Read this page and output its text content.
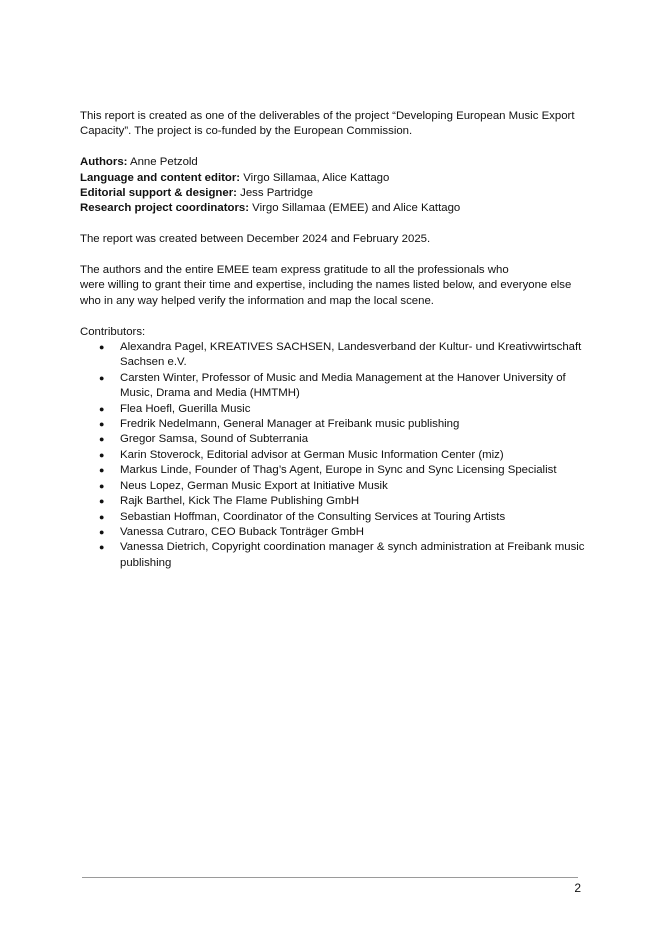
This report is created as one of the deliverables of the project “Developing European Music Export Capacity”. The project is co-funded by the European Commission.

Authors: Anne Petzold

Language and content editor: Virgo Sillamaa, Alice Kattago

Editorial support & designer: Jess Partridge

Research project coordinators: Virgo Sillamaa (EMEE) and Alice Kattago

The report was created between December 2024 and February 2025.

The authors and the entire EMEE team express gratitude to all the professionals who

were willing to grant their time and expertise, including the names listed below, and everyone else who in any way helped verify the information and map the local scene.

Contributors:

● Alexandra Pagel, KREATIVES SACHSEN, Landesverband der Kultur- und Kreativwirtschaft Sachsen e.V.
● Carsten Winter, Professor of Music and Media Management at the Hanover University of Music, Drama and Media (HMTMH)
● Flea Hoefl, Guerilla Music
● Fredrik Nedelmann, General Manager at Freibank music publishing
● Gregor Samsa, Sound of Subterrania
● Karin Stoverock, Editorial advisor at German Music Information Center (miz)
● Markus Linde, Founder of Thag’s Agent, Europe in Sync and Sync Licensing Specialist
● Neus Lopez, German Music Export at Initiative Musik
● Rajk Barthel, Kick The Flame Publishing GmbH
● Sebastian Hoffman, Coordinator of the Consulting Services at Touring Artists
● Vanessa Cutraro, CEO Buback Tonträger GmbH
● Vanessa Dietrich, Copyright coordination manager & synch administration at Freibank music publishing
2
